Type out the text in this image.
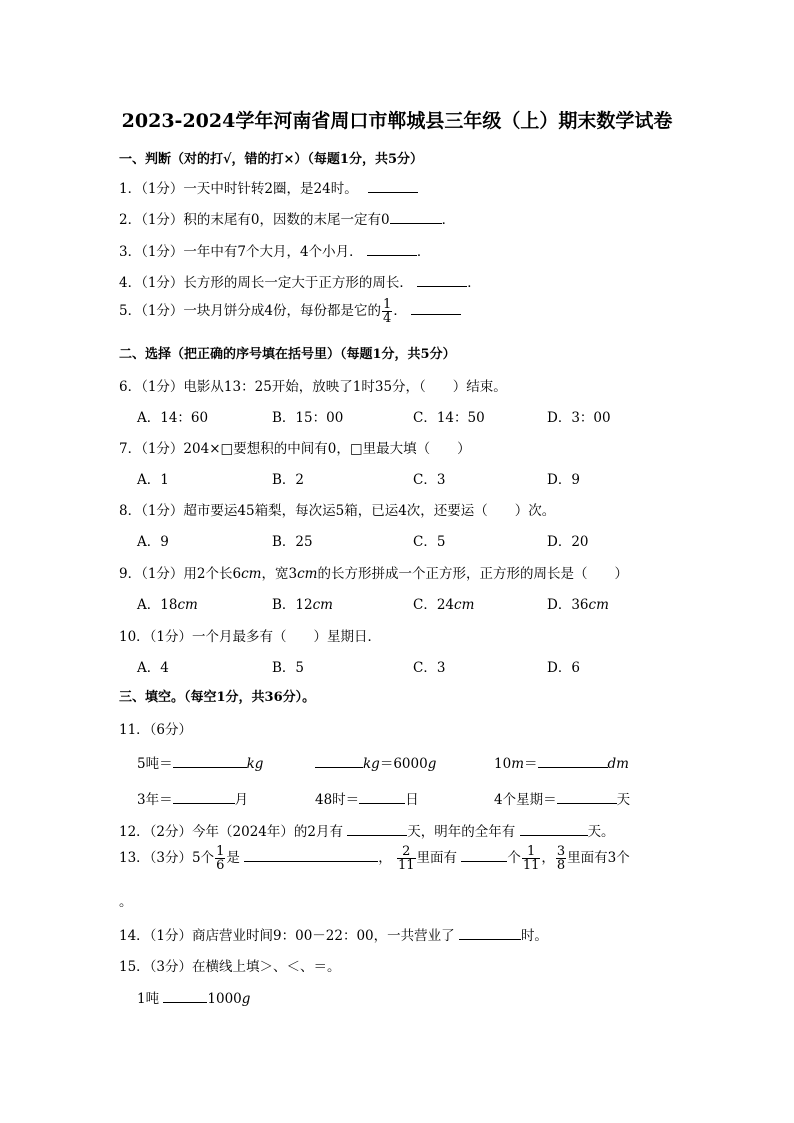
2023-2024学年河南省周口市郸城县三年级（上）期末数学试卷
一、判断（对的打√，错的打×）（每题1分，共5分）
1．（1分）一天中时针转2圈，是24时。
2．（1分）积的末尾有0，因数的末尾一定有0	．
3．（1分）一年中有7个大月，4个小月．	．
4．（1分）长方形的周长一定大于正方形的周长．	．
5．（1分）一块月饼分成4份，每份都是它的 $\frac{1}{4}$ ．
二、选择（把正确的序号填在括号里）（每题1分，共5分）
6．（1分）电影从13：25开始，放映了1时35分，（　　）结束。
A．14：60	B．15：00	C．14：50	D．3：00
7．（1分）204×□要想积的中间有0，□里最大填（　　）
A．1	B．2	C．3	D．9
8．（1分）超市要运45箱梨，每次运5箱，已运4次，还要运（　　）次。
A．9	B．25	C．5	D．20
9．（1分）用2个长6cm，宽3cm的长方形拼成一个正方形，正方形的周长是（　　）
A．18cm	B．12cm	C．24cm	D．36cm
10．（1分）一个月最多有（　　）星期日．
A．4	B．5	C．3	D．6
三、填空。（每空1分，共36分）。
11．（6分）
5吨＝	kg	kg＝6000g	10m＝	dm
3年＝	月	48时＝	日	4个星期＝	天
12．（2分）今年（2024年）的2月有	天，明年的全年有	天。
13．（3分）5个 $\frac{1}{6}$ 是	， $\frac{2}{11}$ 里面有	个 $\frac{1}{11}$ ， $\frac{3}{8}$ 里面有3个
。
14．（1分）商店营业时间9：00－22：00，一共营业了	时。
15．（3分）在横线上填＞、＜、＝。
1吨	1000g
